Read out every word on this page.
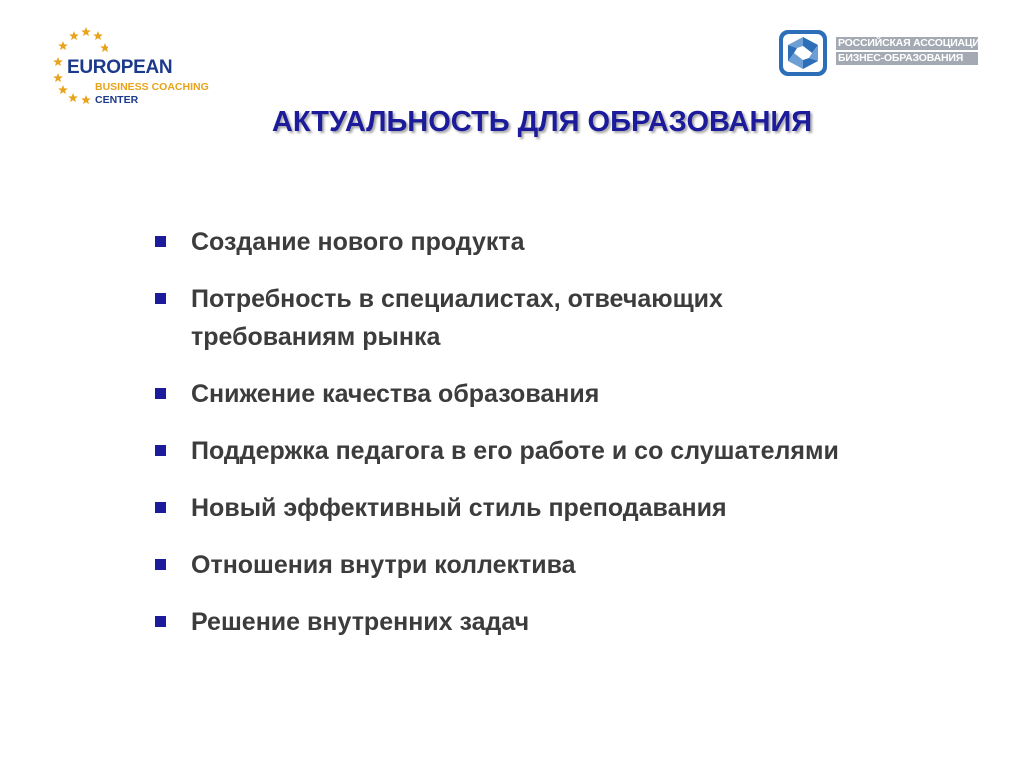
EUROPEAN
BUSINESS COACHING
CENTER
РОССИЙСКАЯ АССОЦИАЦИЯ
БИЗНЕС-ОБРАЗОВАНИЯ
АКТУАЛЬНОСТЬ ДЛЯ ОБРАЗОВАНИЯ
Создание нового продукта
Потребность в специалистах, отвечающих требованиям рынка
Снижение качества образования
Поддержка педагога в его работе и со слушателями
Новый эффективный стиль преподавания
Отношения внутри коллектива
Решение внутренних задач
